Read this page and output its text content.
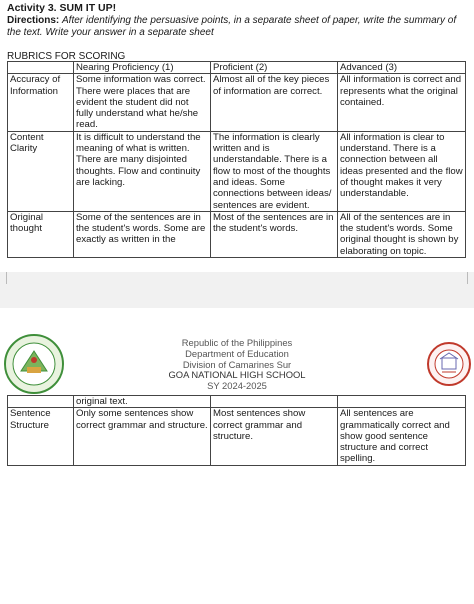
Activity 3. SUM IT UP!
Directions: After identifying the persuasive points, in a separate sheet of paper, write the summary of the text. Write your answer in a separate sheet
RUBRICS FOR SCORING
	Nearing Proficiency (1)	Proficient (2)	Advanced (3)
Accuracy of Information	Some information was correct. There were places that are evident the student did not fully understand what he/she read.	Almost all of the key pieces of information are correct.	All information is correct and represents what the original contained.
Content Clarity	It is difficult to understand the meaning of what is written. There are many disjointed thoughts. Flow and continuity are lacking.	The information is clearly written and is understandable. There is a flow to most of the thoughts and ideas. Some connections between ideas/ sentences are evident.	All information is clear to understand. There is a connection between all ideas presented and the flow of thought makes it very understandable.
Original thought	Some of the sentences are in the student's words. Some are exactly as written in the	Most of the sentences are in the student's words.	All of the sentences are in the student's words. Some original thought is shown by elaborating on topic.
Republic of the Philippines
Department of Education
Division of Camarines Sur
GOA NATIONAL HIGH SCHOOL
SY 2024-2025
	original text.		
Sentence Structure	Only some sentences show correct grammar and structure.	Most sentences show correct grammar and structure.	All sentences are grammatically correct and show good sentence structure and correct spelling.
